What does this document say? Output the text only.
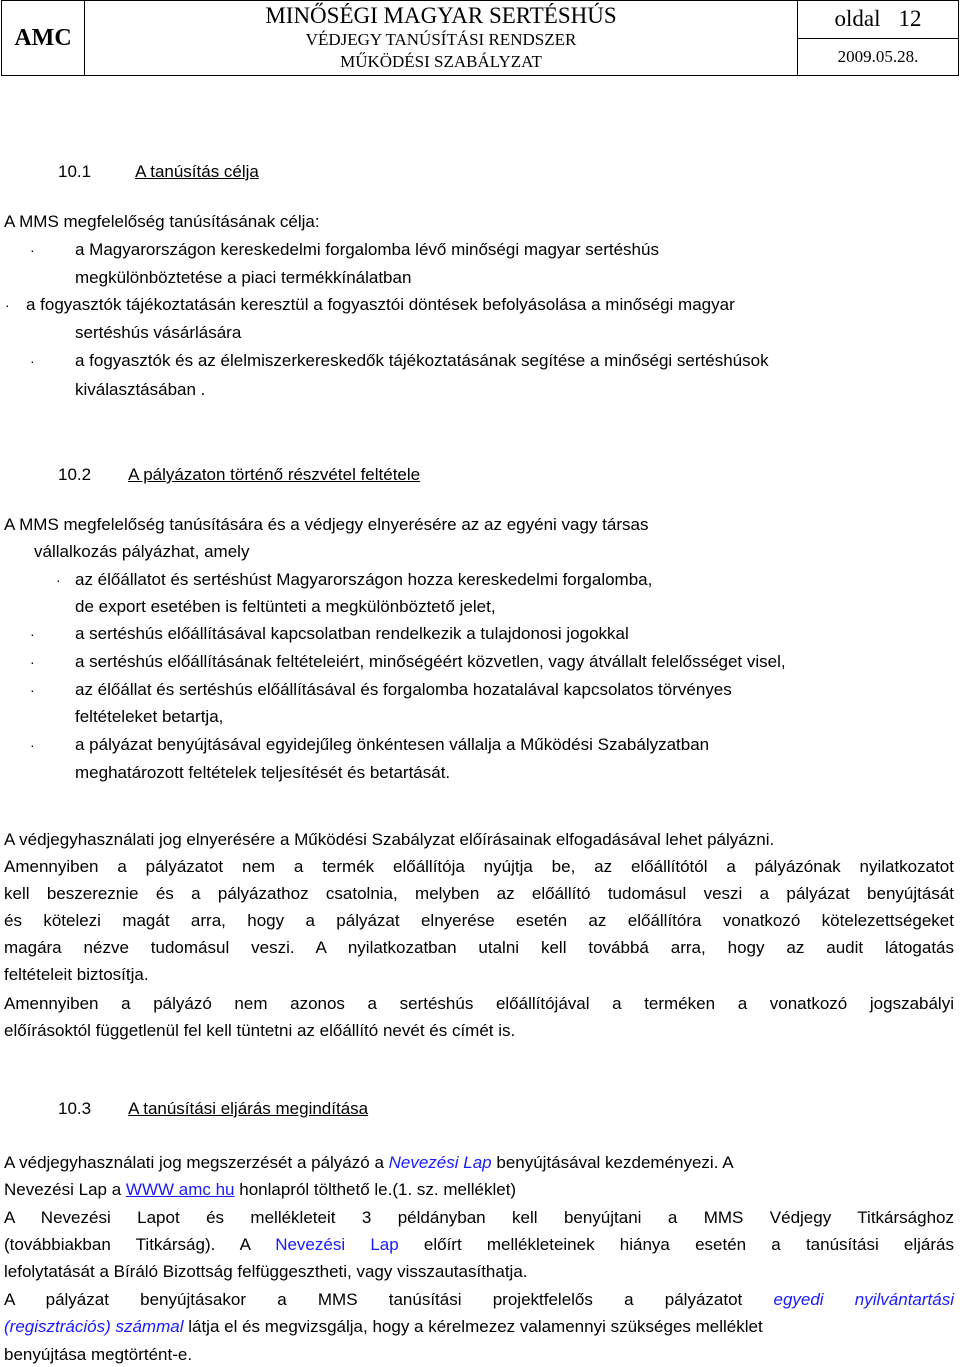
AMC	
MINŐSÉGI MAGYAR SERTÉSHÚS
VÉDJEGY TANÚSÍTÁSI RENDSZER
MŰKÖDÉSI SZABÁLYZAT
	oldal 12
2009.05.28.
10.1	A tanúsítás célja
A MMS megfelelőség tanúsításának célja:
· a Magyarországon kereskedelmi forgalomba lévő minőségi magyar sertéshús
megkülönböztetése a piaci termékkínálatban
· a fogyasztók tájékoztatásán keresztül a fogyasztói döntések befolyásolása a minőségi magyar
sertéshús vásárlására
· a fogyasztók és az élelmiszerkereskedők tájékoztatásának segítése a minőségi sertéshúsok
kiválasztásában .
10.2 A pályázaton történő részvétel feltétele
A MMS megfelelőség tanúsítására és a védjegy elnyerésére az az egyéni vagy társas
vállalkozás pályázhat, amely
· az élőállatot és sertéshúst Magyarországon hozza kereskedelmi forgalomba,
de export esetében is feltünteti a megkülönböztető jelet,
· a sertéshús előállításával kapcsolatban rendelkezik a tulajdonosi jogokkal
· a sertéshús előállításának feltételeiért, minőségéért közvetlen, vagy átvállalt felelősséget visel,
· az élőállat és sertéshús előállításával és forgalomba hozatalával kapcsolatos törvényes
feltételeket betartja,
· a pályázat benyújtásával egyidejűleg önkéntesen vállalja a Működési Szabályzatban
meghatározott feltételek teljesítését és betartását.
A védjegyhasználati jog elnyerésére a Működési Szabályzat előírásainak elfogadásával lehet pályázni.
Amennyiben a pályázatot nem a termék előállítója nyújtja be, az előállítótól a pályázónak nyilatkozatot
kell beszereznie és a pályázathoz csatolnia, melyben az előállító tudomásul veszi a pályázat benyújtását
és kötelezi magát arra, hogy a pályázat elnyerése esetén az előállítóra vonatkozó kötelezettségeket
magára nézve tudomásul veszi. A nyilatkozatban utalni kell továbbá arra, hogy az audit látogatás
feltételeit biztosítja.
Amennyiben a pályázó nem azonos a sertéshús előállítójával a terméken a vonatkozó jogszabályi
előírásoktól függetlenül fel kell tüntetni az előállító nevét és címét is.
10.3 A tanúsítási eljárás megindítása
A védjegyhasználati jog megszerzését a pályázó a Nevezési Lap benyújtásával kezdeményezi. A
Nevezési Lap a WWW amc hu honlapról tölthető le.(1. sz. melléklet)
A Nevezési Lapot és mellékleteit 3 példányban kell benyújtani a MMS Védjegy Titkársághoz
(továbbiakban Titkárság). A Nevezési Lap előírt mellékleteinek hiánya esetén a tanúsítási eljárás
lefolytatását a Bíráló Bizottság felfüggesztheti, vagy visszautasíthatja.
A pályázat benyújtásakor a MMS tanúsítási projektfelelős a pályázatot egyedi nyilvántartási
(regisztrációs) számmal látja el és megvizsgálja, hogy a kérelmezez valamennyi szükséges melléklet
benyújtása megtörtént-e.
